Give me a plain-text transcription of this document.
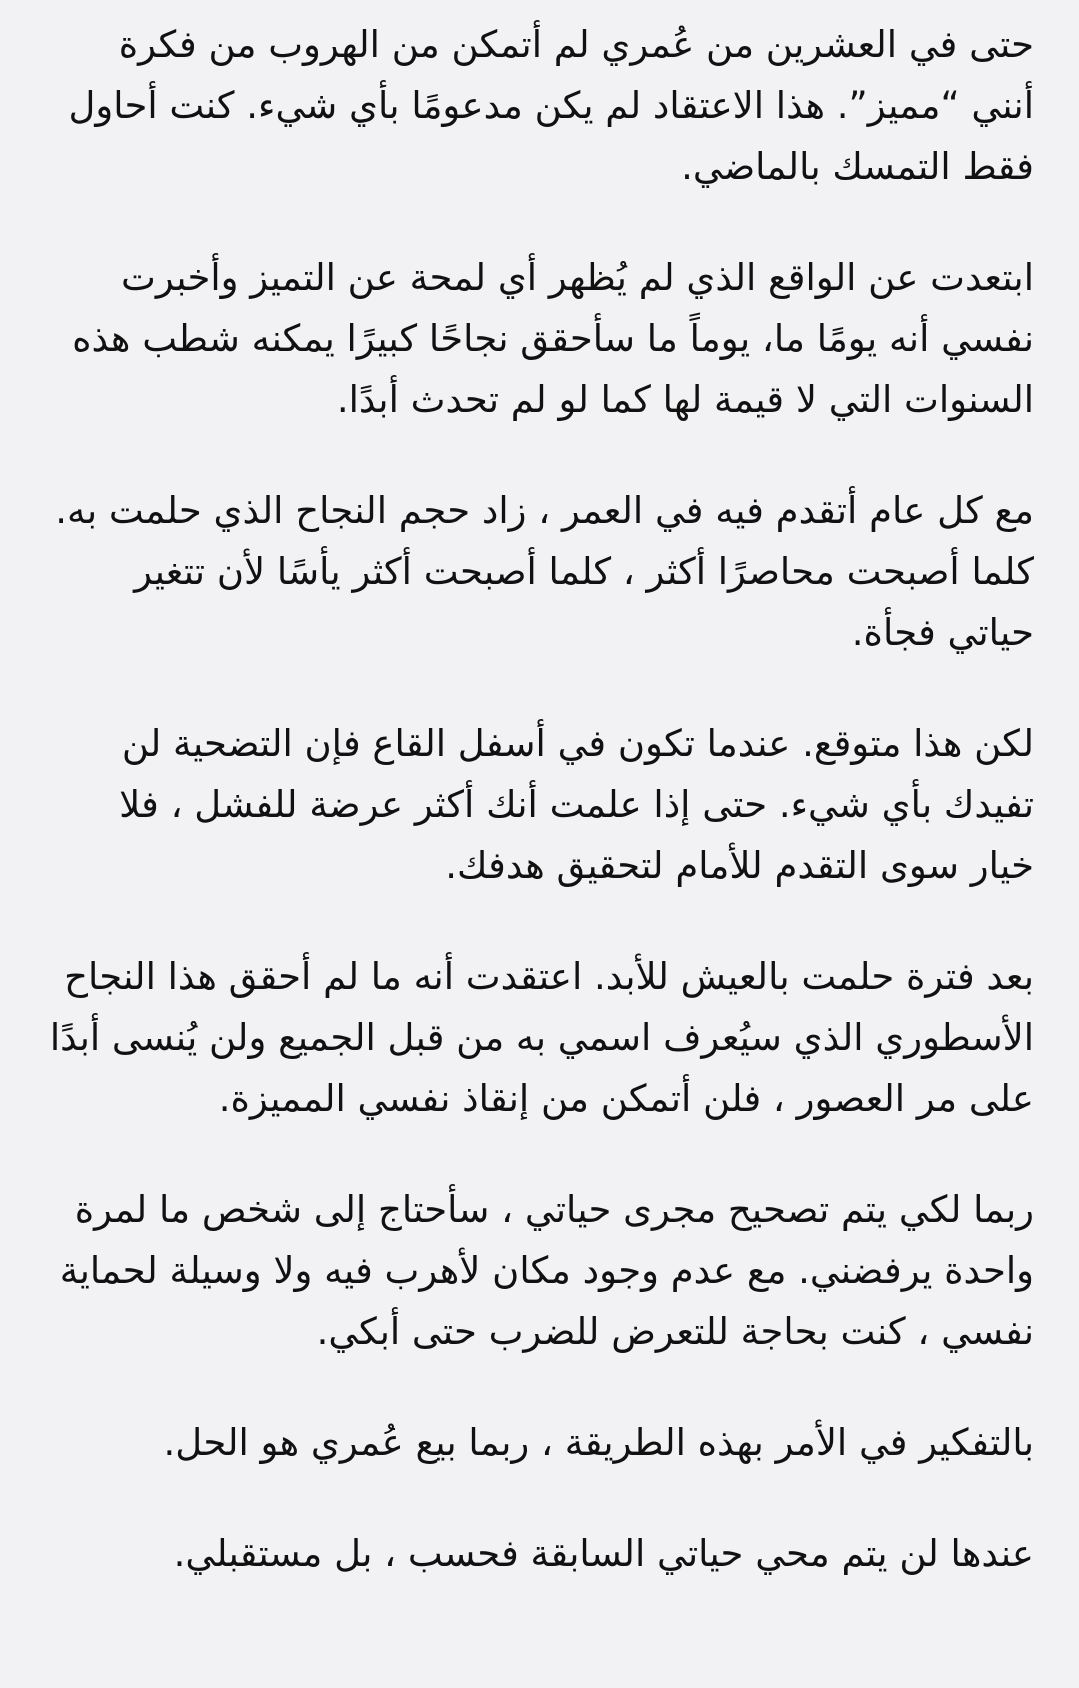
حتى في العشرين من عُمري لم أتمكن من الهروب من فكرة أنني “مميز”. هذا الاعتقاد لم يكن مدعومًا بأي شيء. كنت أحاول فقط التمسك بالماضي.

ابتعدت عن الواقع الذي لم يُظهر أي لمحة عن التميز وأخبرت نفسي أنه يومًا ما، يوماً ما سأحقق نجاحًا كبيرًا يمكنه شطب هذه السنوات التي لا قيمة لها كما لو لم تحدث أبدًا.

مع كل عام أتقدم فيه في العمر ، زاد حجم النجاح الذي حلمت به. كلما أصبحت محاصرًا أكثر ، كلما أصبحت أكثر يأسًا لأن تتغير حياتي فجأة.

لكن هذا متوقع. عندما تكون في أسفل القاع فإن التضحية لن تفيدك بأي شيء. حتى إذا علمت أنك أكثر عرضة للفشل ، فلا خيار سوى التقدم للأمام لتحقيق هدفك.

بعد فترة حلمت بالعيش للأبد. اعتقدت أنه ما لم أحقق هذا النجاح الأسطوري الذي سيُعرف اسمي به من قبل الجميع ولن يُنسى أبدًا على مر العصور ، فلن أتمكن من إنقاذ نفسي المميزة.

ربما لكي يتم تصحيح مجرى حياتي ، سأحتاج إلى شخص ما لمرة واحدة يرفضني. مع عدم وجود مكان لأهرب فيه ولا وسيلة لحماية نفسي ، كنت بحاجة للتعرض للضرب حتى أبكي.

بالتفكير في الأمر بهذه الطريقة ، ربما بيع عُمري هو الحل.

عندها لن يتم محي حياتي السابقة فحسب ، بل مستقبلي.
